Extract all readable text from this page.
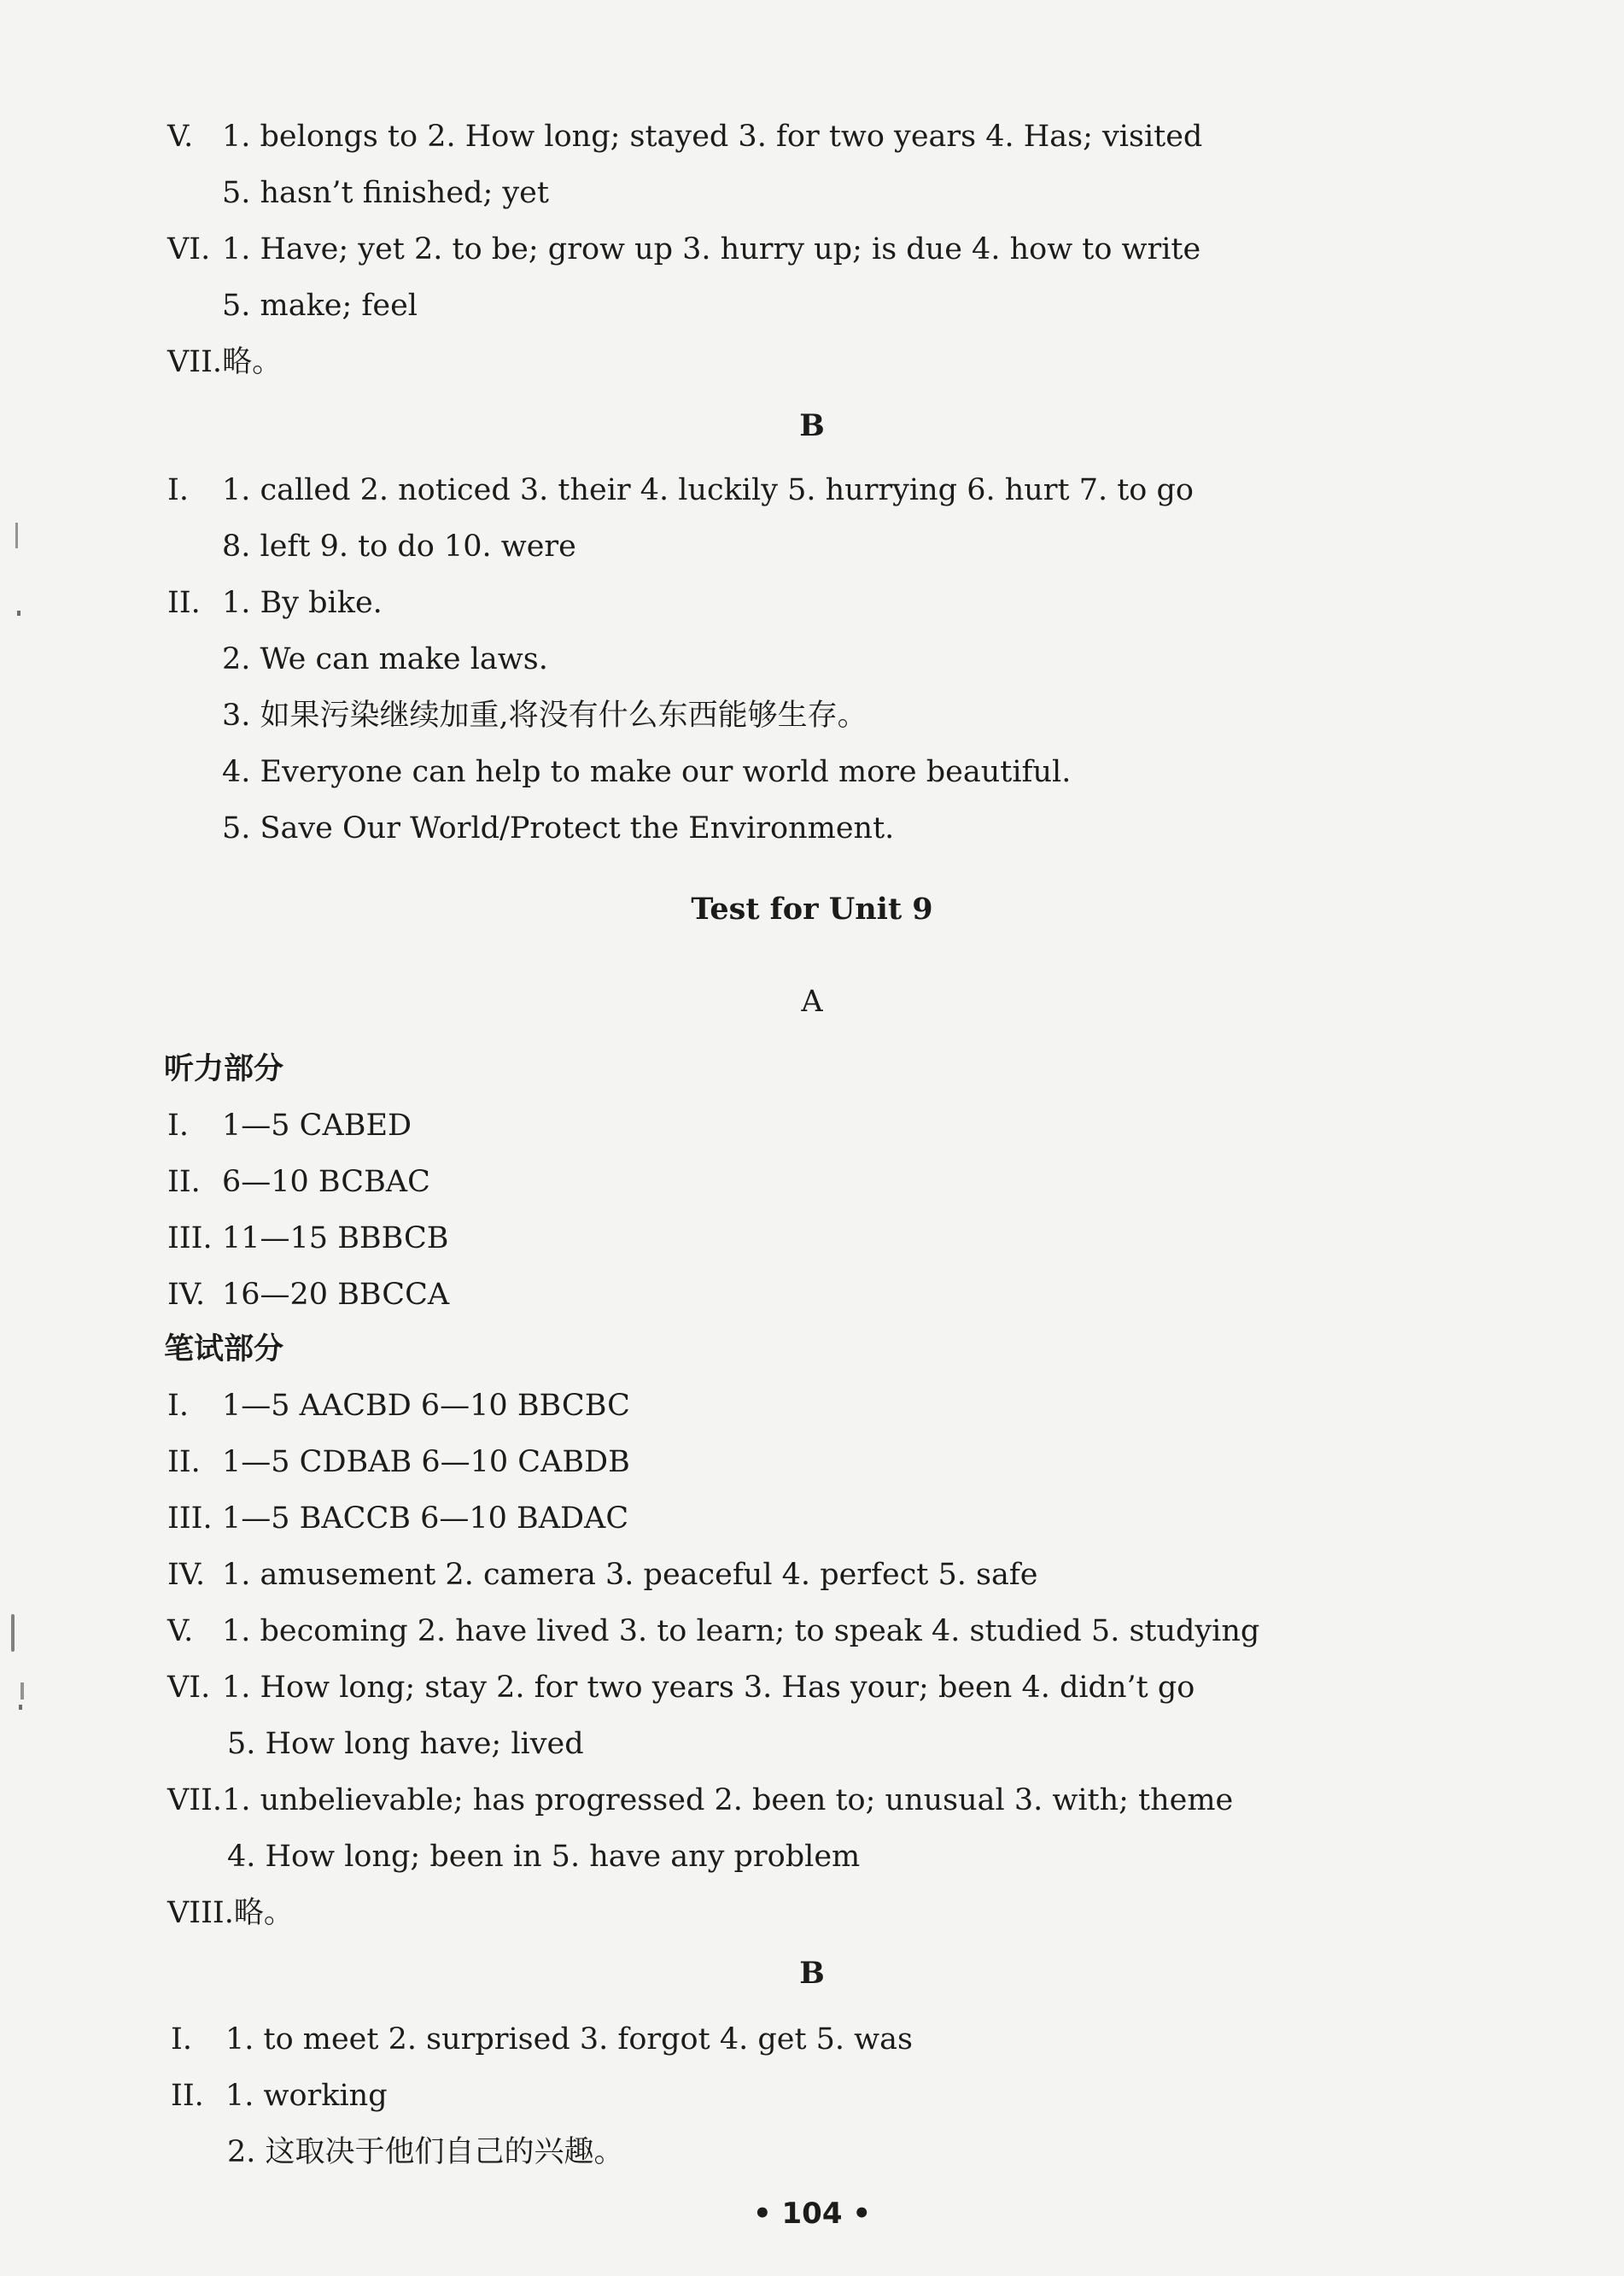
V. 1. belongs to 2. How long; stayed 3. for two years 4. Has; visited
5. hasn’t finished; yet
VI. 1. Have; yet 2. to be; grow up 3. hurry up; is due 4. how to write
5. make; feel
VII.略。
B
I. 1. called 2. noticed 3. their 4. luckily 5. hurrying 6. hurt 7. to go
8. left 9. to do 10. were
II. 1. By bike.
2. We can make laws.
3. 如果污染继续加重,将没有什么东西能够生存。
4. Everyone can help to make our world more beautiful.
5. Save Our World/Protect the Environment.
Test for Unit 9
A
听力部分
I. 1—5 CABED
II. 6—10 BCBAC
III. 11—15 BBBCB
IV. 16—20 BBCCA
笔试部分
I. 1—5 AACBD 6—10 BBCBC
II. 1—5 CDBAB 6—10 CABDB
III. 1—5 BACCB 6—10 BADAC
IV. 1. amusement 2. camera 3. peaceful 4. perfect 5. safe
V. 1. becoming 2. have lived 3. to learn; to speak 4. studied 5. studying
VI. 1. How long; stay 2. for two years 3. Has your; been 4. didn’t go
5. How long have; lived
VII.1. unbelievable; has progressed 2. been to; unusual 3. with; theme
4. How long; been in 5. have any problem
VIII.略。
B
I. 1. to meet 2. surprised 3. forgot 4. get 5. was
II. 1. working
2. 这取决于他们自己的兴趣。
• 104 •
